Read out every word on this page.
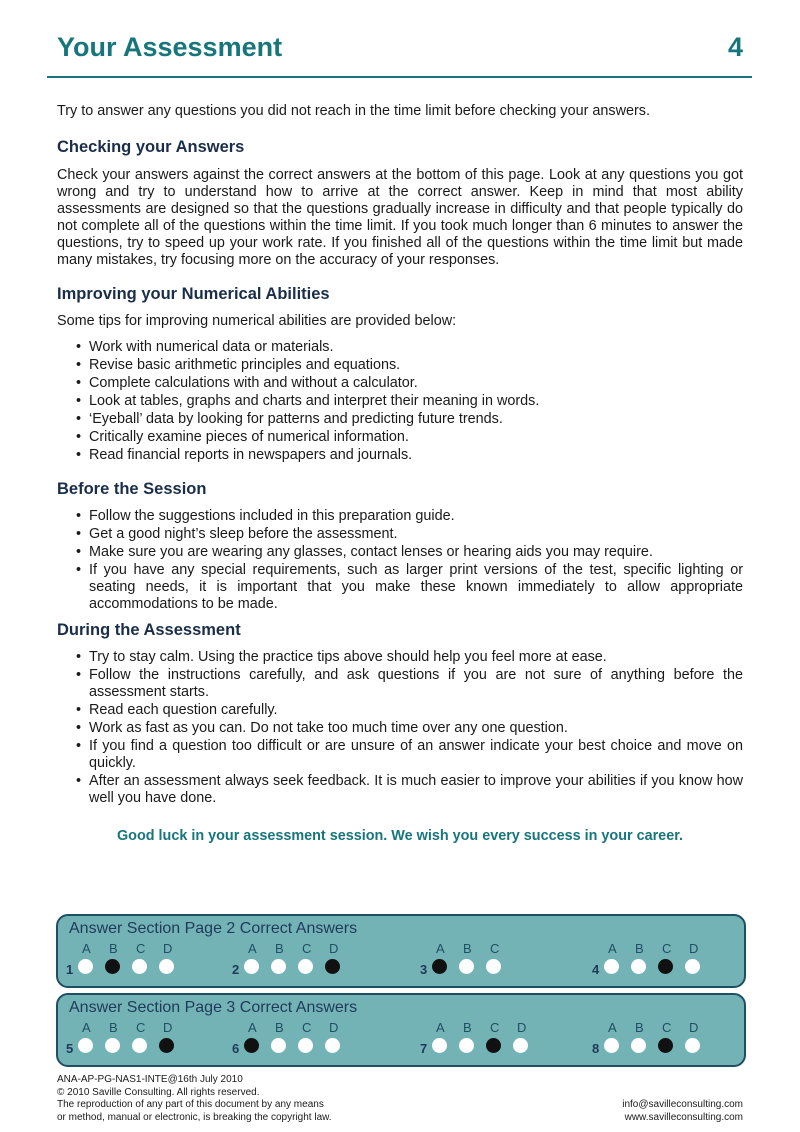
Your Assessment	4

Try to answer any questions you did not reach in the time limit before checking your answers.

Checking your Answers

Check your answers against the correct answers at the bottom of this page. Look at any questions you got wrong and try to understand how to arrive at the correct answer. Keep in mind that most ability assessments are designed so that the questions gradually increase in difficulty and that people typically do not complete all of the questions within the time limit. If you took much longer than 6 minutes to answer the questions, try to speed up your work rate. If you finished all of the questions within the time limit but made many mistakes, try focusing more on the accuracy of your responses.

Improving your Numerical Abilities

Some tips for improving numerical abilities are provided below:

• Work with numerical data or materials.
• Revise basic arithmetic principles and equations.
• Complete calculations with and without a calculator.
• Look at tables, graphs and charts and interpret their meaning in words.
• ‘Eyeball’ data by looking for patterns and predicting future trends.
• Critically examine pieces of numerical information.
• Read financial reports in newspapers and journals.
Before the Session
• Follow the suggestions included in this preparation guide.
• Get a good night’s sleep before the assessment.
• Make sure you are wearing any glasses, contact lenses or hearing aids you may require.
• If you have any special requirements, such as larger print versions of the test, specific lighting or seating needs, it is important that you make these known immediately to allow appropriate accommodations to be made.
During the Assessment
• Try to stay calm. Using the practice tips above should help you feel more at ease.
• Follow the instructions carefully, and ask questions if you are not sure of anything before the assessment starts.
• Read each question carefully.
• Work as fast as you can. Do not take too much time over any one question.
• If you find a question too difficult or are unsure of an answer indicate your best choice and move on quickly.
• After an assessment always seek feedback. It is much easier to improve your abilities if you know how well you have done.

Good luck in your assessment session. We wish you every success in your career.

Answer Section Page 2 Correct Answers
A B C D
1
A B C D
2
A B C
3
A B C D
4
Answer Section Page 3 Correct Answers
A B C D
5
A B C D
6
A B C D
7
A B C D
8
ANA-AP-PG-NAS1-INTE@16th July 2010
© 2010 Saville Consulting. All rights reserved.
The reproduction of any part of this document by any means
or method, manual or electronic, is breaking the copyright law.
info@savilleconsulting.com
www.savilleconsulting.com
